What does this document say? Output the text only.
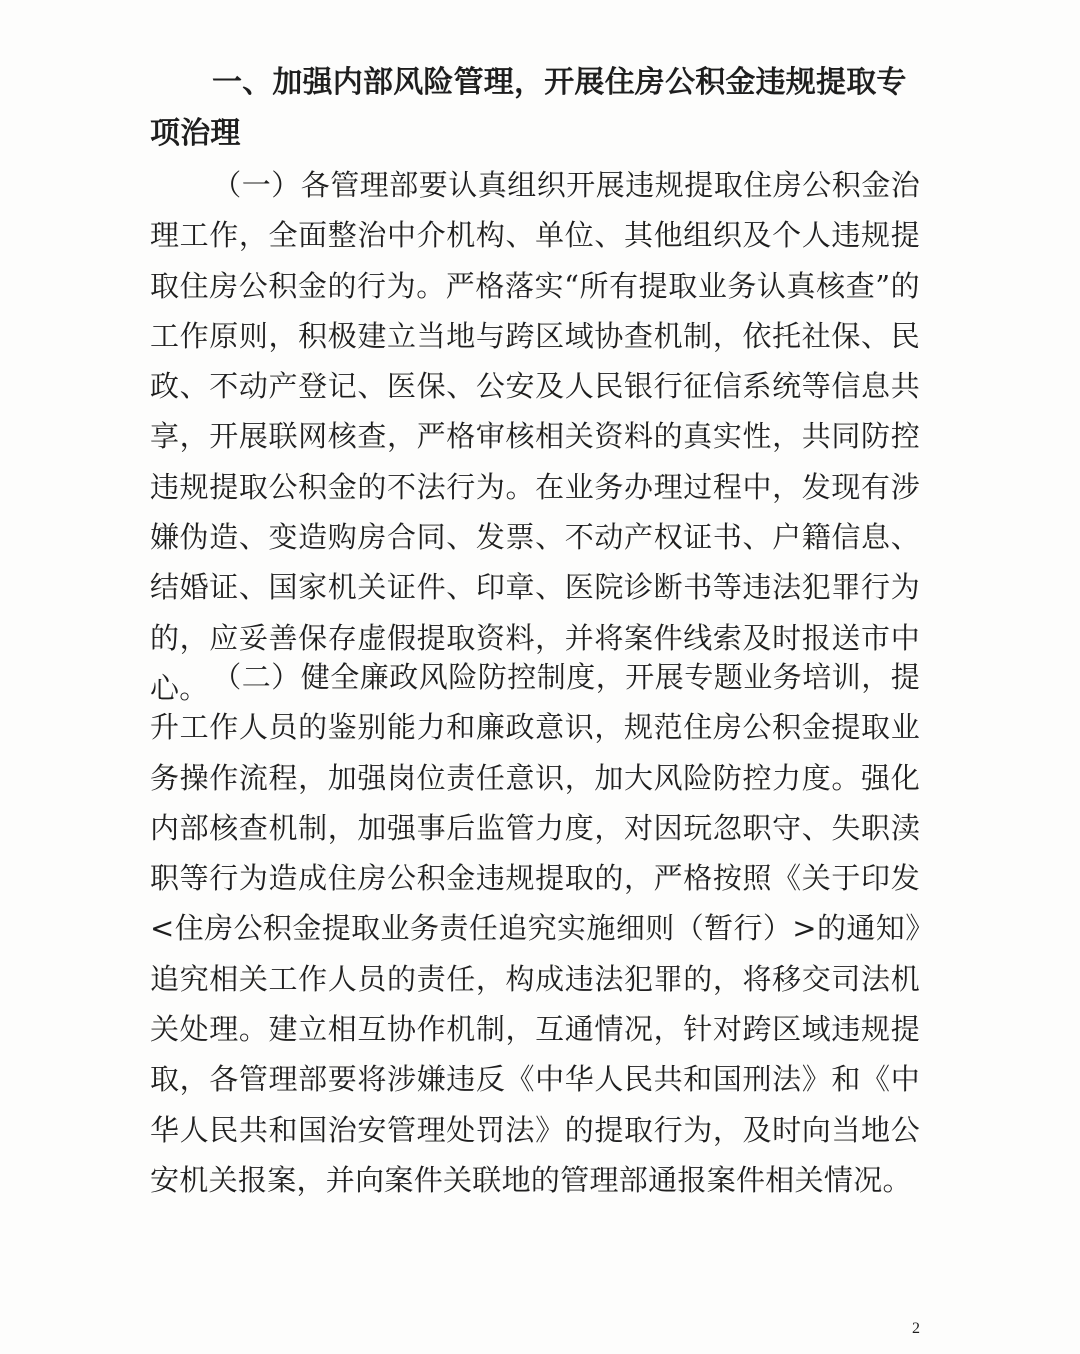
一、加强内部风险管理，开展住房公积金违规提取专项治理

（一）各管理部要认真组织开展违规提取住房公积金治理工作，全面整治中介机构、单位、其他组织及个人违规提取住房公积金的行为。严格落实“所有提取业务认真核查”的工作原则，积极建立当地与跨区域协查机制，依托社保、民政、不动产登记、医保、公安及人民银行征信系统等信息共享，开展联网核查，严格审核相关资料的真实性，共同防控违规提取公积金的不法行为。在业务办理过程中，发现有涉嫌伪造、变造购房合同、发票、不动产权证书、户籍信息、结婚证、国家机关证件、印章、医院诊断书等违法犯罪行为的，应妥善保存虚假提取资料，并将案件线索及时报送市中心。 （二）健全廉政风险防控制度，开展专题业务培训，提升工作人员的鉴别能力和廉政意识，规范住房公积金提取业务操作流程，加强岗位责任意识，加大风险防控力度。强化内部核查机制，加强事后监管力度，对因玩忽职守、失职渎职等行为造成住房公积金违规提取的，严格按照《关于印发<住房公积金提取业务责任追究实施细则（暂行）>的通知》追究相关工作人员的责任，构成违法犯罪的，将移交司法机关处理。建立相互协作机制，互通情况，针对跨区域违规提取，各管理部要将涉嫌违反《中华人民共和国刑法》和《中华人民共和国治安管理处罚法》的提取行为，及时向当地公安机关报案，并向案件关联地的管理部通报案件相关情况。

2
